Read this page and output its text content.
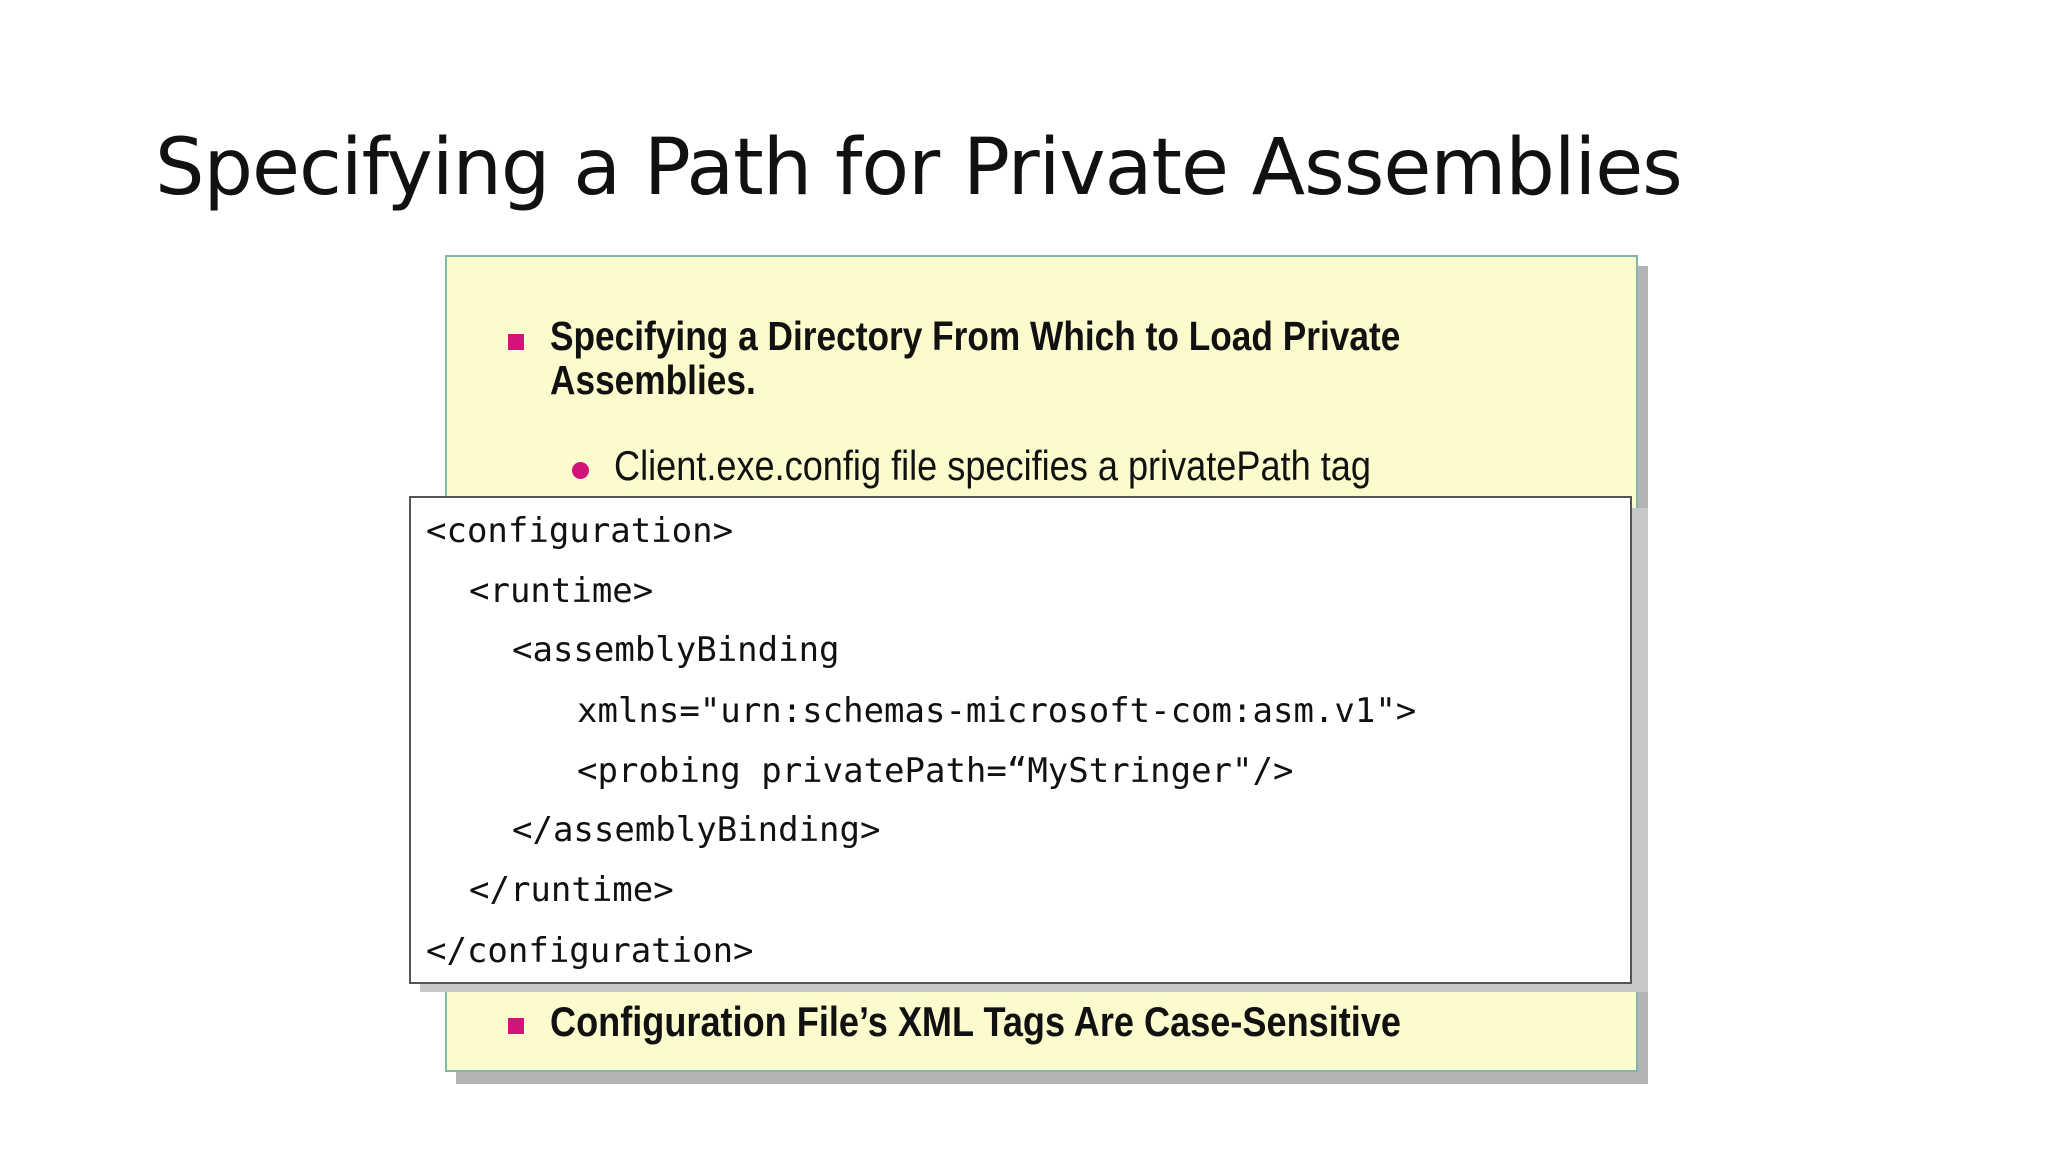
Specifying a Path for Private Assemblies
Specifying a Directory From Which to Load Private
Assemblies.
Client.exe.config file specifies a privatePath tag
<configuration>
<runtime>
<assemblyBinding
xmlns="urn:schemas-microsoft-com:asm.v1">
<probing privatePath=“MyStringer"/>
</assemblyBinding>
</runtime>
</configuration>
Configuration File’s XML Tags Are Case-Sensitive
